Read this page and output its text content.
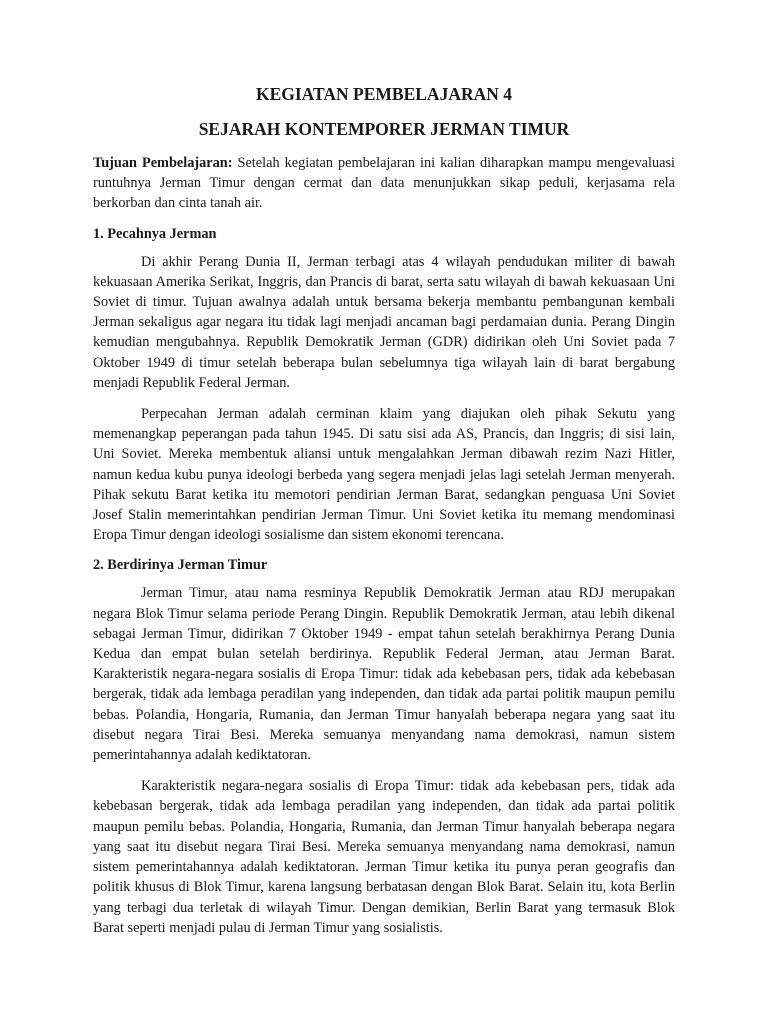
KEGIATAN PEMBELAJARAN 4
SEJARAH KONTEMPORER JERMAN TIMUR

Tujuan Pembelajaran: Setelah kegiatan pembelajaran ini kalian diharapkan mampu mengevaluasi runtuhnya Jerman Timur dengan cermat dan data menunjukkan sikap peduli, kerjasama rela berkorban dan cinta tanah air.

1. Pecahnya Jerman

Di akhir Perang Dunia II, Jerman terbagi atas 4 wilayah pendudukan militer di bawah kekuasaan Amerika Serikat, Inggris, dan Prancis di barat, serta satu wilayah di bawah kekuasaan Uni Soviet di timur. Tujuan awalnya adalah untuk bersama bekerja membantu pembangunan kembali Jerman sekaligus agar negara itu tidak lagi menjadi ancaman bagi perdamaian dunia. Perang Dingin kemudian mengubahnya. Republik Demokratik Jerman (GDR) didirikan oleh Uni Soviet pada 7 Oktober 1949 di timur setelah beberapa bulan sebelumnya tiga wilayah lain di barat bergabung menjadi Republik Federal Jerman.

Perpecahan Jerman adalah cerminan klaim yang diajukan oleh pihak Sekutu yang memenangkap peperangan pada tahun 1945. Di satu sisi ada AS, Prancis, dan Inggris; di sisi lain, Uni Soviet. Mereka membentuk aliansi untuk mengalahkan Jerman dibawah rezim Nazi Hitler, namun kedua kubu punya ideologi berbeda yang segera menjadi jelas lagi setelah Jerman menyerah. Pihak sekutu Barat ketika itu memotori pendirian Jerman Barat, sedangkan penguasa Uni Soviet Josef Stalin memerintahkan pendirian Jerman Timur. Uni Soviet ketika itu memang mendominasi Eropa Timur dengan ideologi sosialisme dan sistem ekonomi terencana.

2. Berdirinya Jerman Timur

Jerman Timur, atau nama resminya Republik Demokratik Jerman atau RDJ merupakan negara Blok Timur selama periode Perang Dingin. Republik Demokratik Jerman, atau lebih dikenal sebagai Jerman Timur, didirikan 7 Oktober 1949 - empat tahun setelah berakhirnya Perang Dunia Kedua dan empat bulan setelah berdirinya. Republik Federal Jerman, atau Jerman Barat. Karakteristik negara-negara sosialis di Eropa Timur: tidak ada kebebasan pers, tidak ada kebebasan bergerak, tidak ada lembaga peradilan yang independen, dan tidak ada partai politik maupun pemilu bebas. Polandia, Hongaria, Rumania, dan Jerman Timur hanyalah beberapa negara yang saat itu disebut negara Tirai Besi. Mereka semuanya menyandang nama demokrasi, namun sistem pemerintahannya adalah kediktatoran.

Karakteristik negara-negara sosialis di Eropa Timur: tidak ada kebebasan pers, tidak ada kebebasan bergerak, tidak ada lembaga peradilan yang independen, dan tidak ada partai politik maupun pemilu bebas. Polandia, Hongaria, Rumania, dan Jerman Timur hanyalah beberapa negara yang saat itu disebut negara Tirai Besi. Mereka semuanya menyandang nama demokrasi, namun sistem pemerintahannya adalah kediktatoran. Jerman Timur ketika itu punya peran geografis dan politik khusus di Blok Timur, karena langsung berbatasan dengan Blok Barat. Selain itu, kota Berlin yang terbagi dua terletak di wilayah Timur. Dengan demikian, Berlin Barat yang termasuk Blok Barat seperti menjadi pulau di Jerman Timur yang sosialistis.
